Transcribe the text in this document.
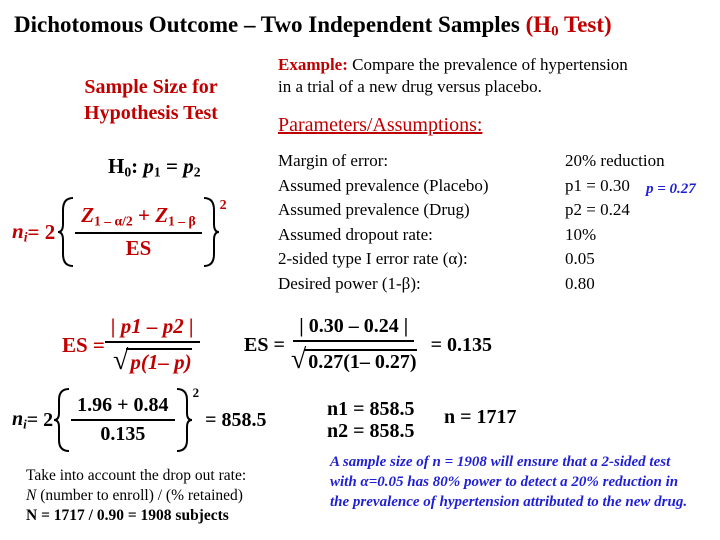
Dichotomous Outcome – Two Independent Samples ($H_0$ Test)
Sample Size for Hypothesis Test
Example: Compare the prevalence of hypertension
in a trial of a new drug versus placebo.
Parameters/Assumptions:
Margin of error:	20% reduction
Assumed prevalence (Placebo)	p1 = 0.30
Assumed prevalence (Drug)	p2 = 0.24
Assumed dropout rate:	10%
2-sided type I error rate (α):	0.05
Desired power (1-β):	0.80
p = 0.27
$H_0$: $p_1 = p_2$
$n_i = 2 \frac{Z_{1 - \alpha/2} + Z_{1 - \beta}}{ES} 2$
ES = $\frac{| p1 - p2 |}{√p(1- p)}$ ES = $\frac{| 0.30 - 0.24 |}{√ 0.27(1- 0.27)} = 0.135$
$n_i = 2 \frac{1.96 + 0.84}{0.135}$
2
= 858.5	n1 = 858.5
n2 = 858.5
n = 1717
Take into account the drop out rate:
N (number to enroll) / (% retained)
N = 1717 / 0.90 = 1908 subjects
A sample size of n = 1908 will ensure that a 2-sided test with α=0.05 has 80% power to detect a 20% reduction in the prevalence of hypertension attributed to the new drug.
